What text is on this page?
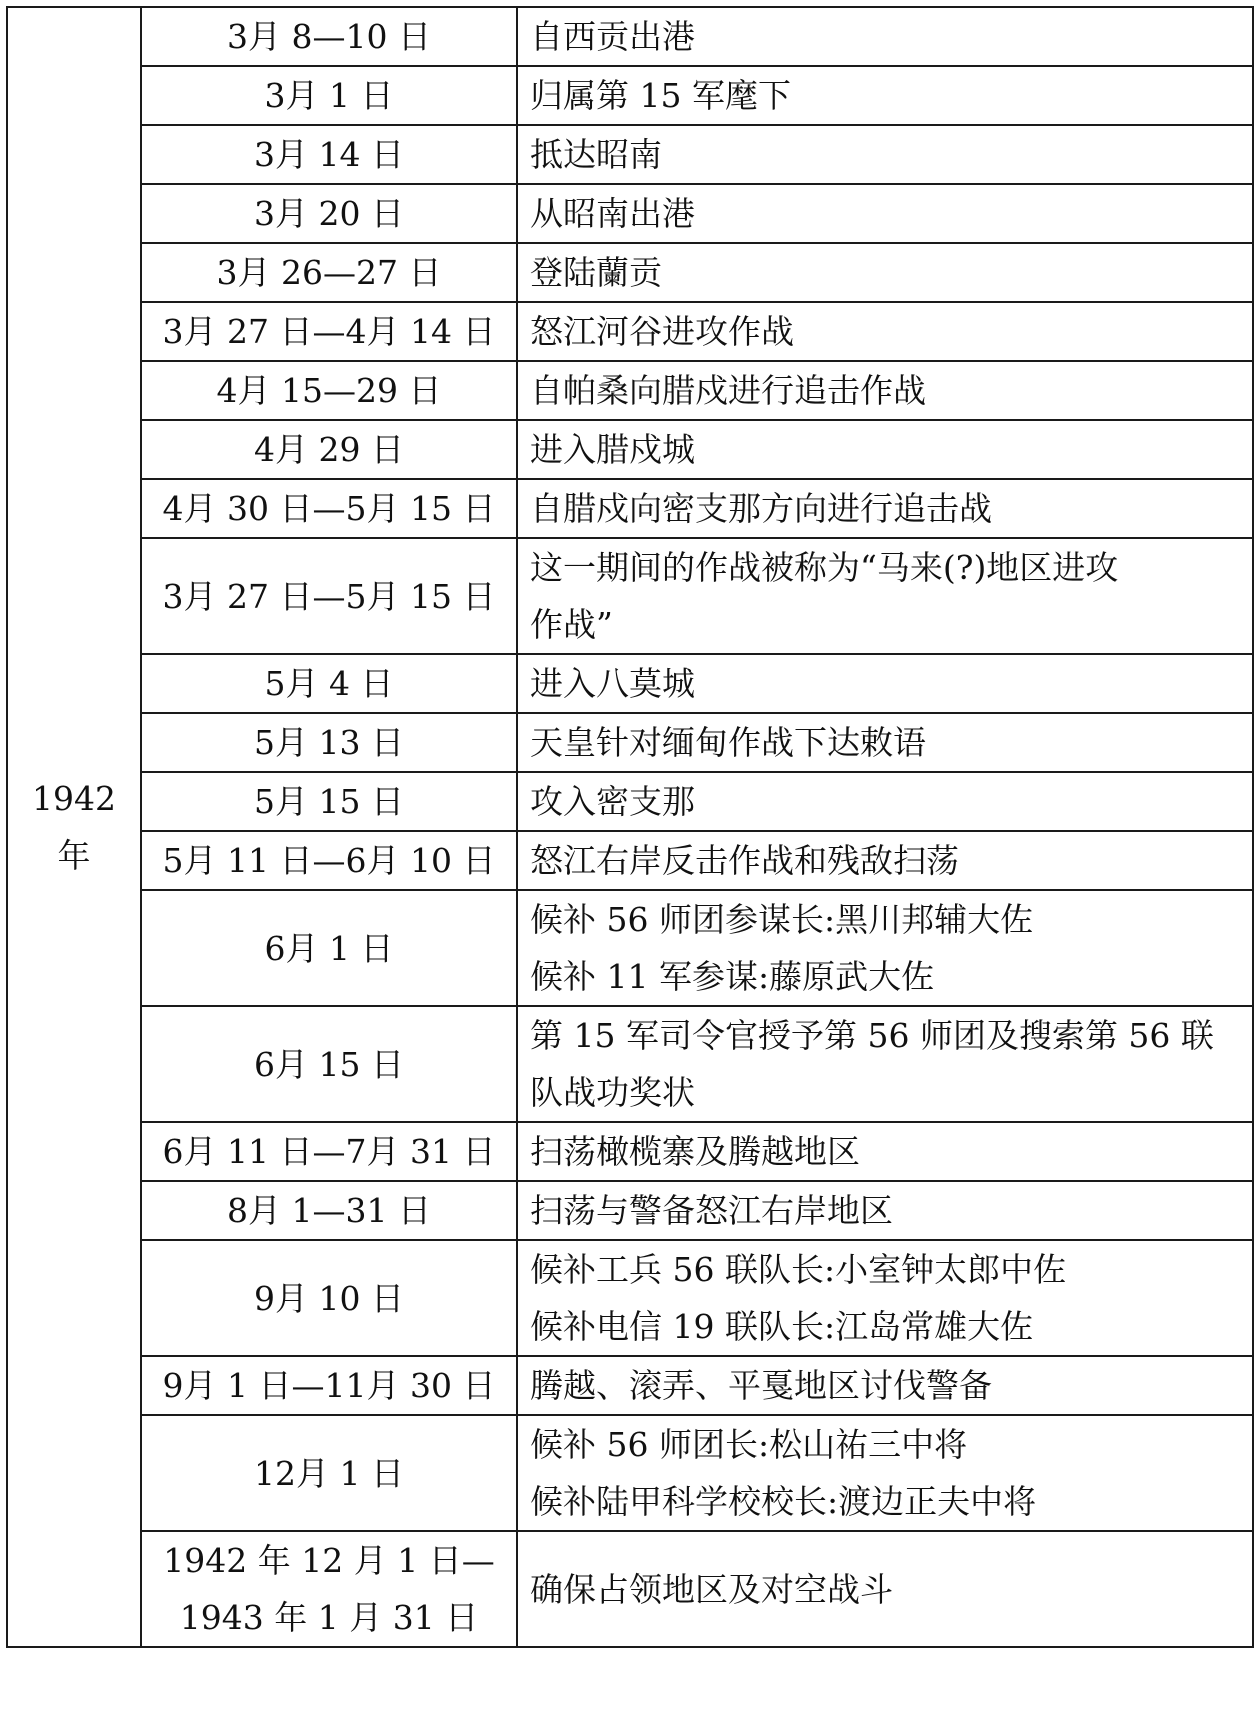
1942
年	3月 8—10 日	自西贡出港

	3月 1 日	归属第 15 军麾下

	3月 14 日	抵达昭南

	3月 20 日	从昭南出港

	3月 26—27 日	登陆蘭贡

	3月 27 日—4月 14 日	怒江河谷进攻作战

	4月 15—29 日	自帕桑向腊戍进行追击作战

	4月 29 日	进入腊戍城

	4月 30 日—5月 15 日	自腊戍向密支那方向进行追击战

	3月 27 日—5月 15 日	这一期间的作战被称为“马来(?)地区进攻
作战”

	5月 4 日	进入八莫城

	5月 13 日	天皇针对缅甸作战下达敕语

	5月 15 日	攻入密支那

	5月 11 日—6月 10 日	怒江右岸反击作战和残敌扫荡

	6月 1 日	候补 56 师团参谋长:黑川邦辅大佐
候补 11 军参谋:藤原武大佐

	6月 15 日	第 15 军司令官授予第 56 师团及搜索第 56 联
队战功奖状

	6月 11 日—7月 31 日	扫荡橄榄寨及腾越地区

	8月 1—31 日	扫荡与警备怒江右岸地区

	9月 10 日	候补工兵 56 联队长:小室钟太郎中佐
候补电信 19 联队长:江岛常雄大佐

	9月 1 日—11月 30 日	腾越、滚弄、平戛地区讨伐警备

	12月 1 日	候补 56 师团长:松山祐三中将
候补陆甲科学校校长:渡边正夫中将

	1942 年 12 月 1 日—
1943 年 1 月 31 日	确保占领地区及对空战斗
